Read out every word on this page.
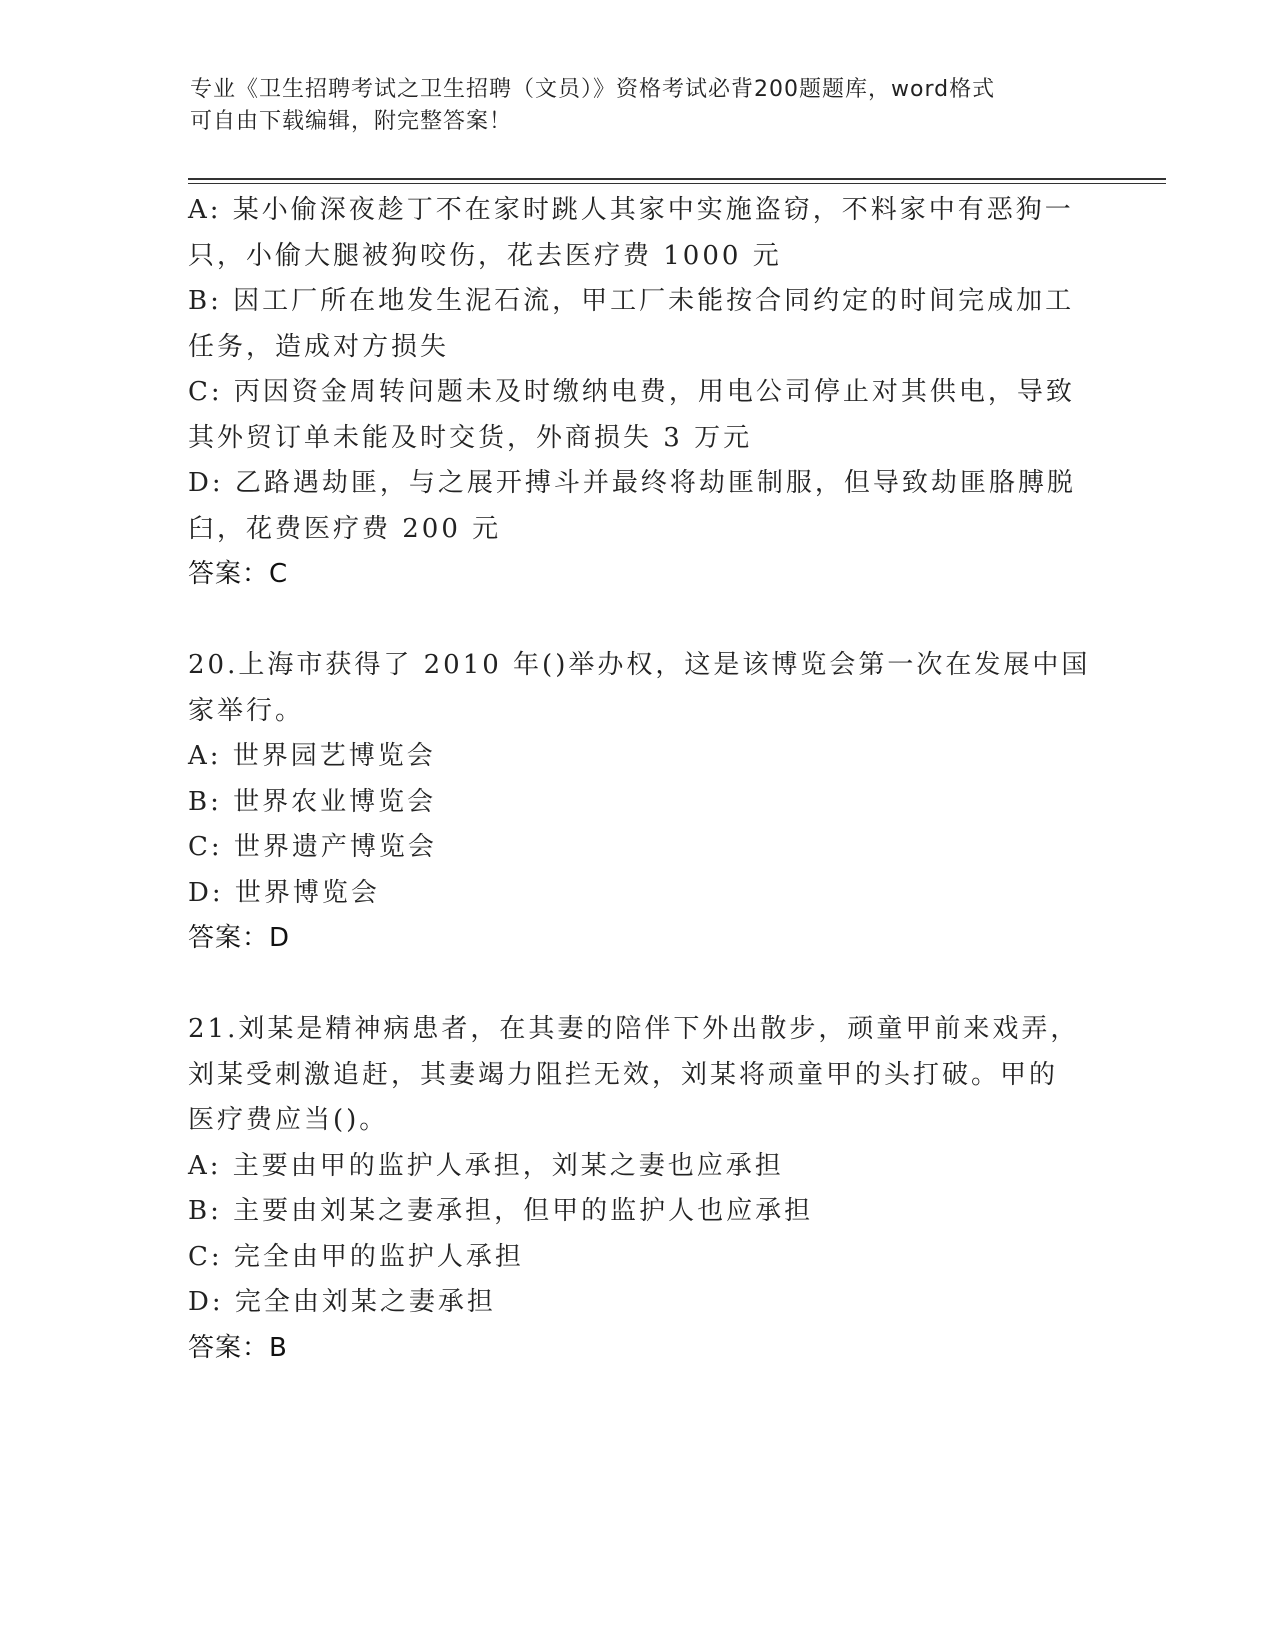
专业《卫生招聘考试之卫生招聘（文员）》资格考试必背200题题库，word格式
可自由下载编辑，附完整答案！
A: 某小偷深夜趁丁不在家时跳人其家中实施盗窃，不料家中有恶狗一
只，小偷大腿被狗咬伤，花去医疗费 1000 元
B: 因工厂所在地发生泥石流，甲工厂未能按合同约定的时间完成加工
任务，造成对方损失
C: 丙因资金周转问题未及时缴纳电费，用电公司停止对其供电，导致
其外贸订单未能及时交货，外商损失 3 万元
D: 乙路遇劫匪，与之展开搏斗并最终将劫匪制服，但导致劫匪胳膊脱
臼，花费医疗费 200 元
答案：C
20.上海市获得了 2010 年()举办权，这是该博览会第一次在发展中国
家举行。
A: 世界园艺博览会
B: 世界农业博览会
C: 世界遗产博览会
D: 世界博览会
答案：D
21.刘某是精神病患者，在其妻的陪伴下外出散步，顽童甲前来戏弄，
刘某受刺激追赶，其妻竭力阻拦无效，刘某将顽童甲的头打破。甲的
医疗费应当()。
A: 主要由甲的监护人承担，刘某之妻也应承担
B: 主要由刘某之妻承担，但甲的监护人也应承担
C: 完全由甲的监护人承担
D: 完全由刘某之妻承担
答案：B
